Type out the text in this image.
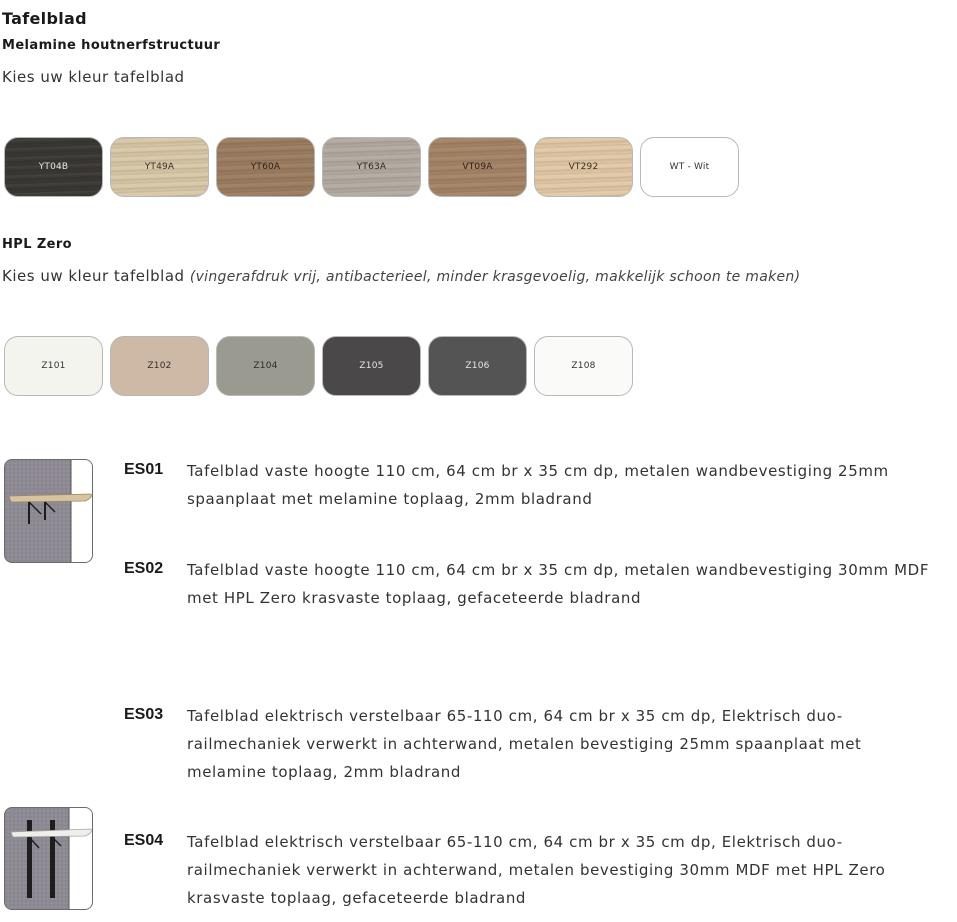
Tafelblad
Melamine houtnerfstructuur
Kies uw kleur tafelblad
YT04B	YT49A	YT60A	YT63A	VT09A	VT292	WT - Wit
HPL Zero
Kies uw kleur tafelblad (vingerafdruk vrij, antibacterieel, minder krasgevoelig, makkelijk schoon te maken)
Z101	Z102	Z104	Z105	Z106	Z108
ES01 Tafelblad vaste hoogte 110 cm, 64 cm br x 35 cm dp, metalen wandbevestiging 25mm spaanplaat met melamine toplaag, 2mm bladrand
ES02 Tafelblad vaste hoogte 110 cm, 64 cm br x 35 cm dp, metalen wandbevestiging 30mm MDF met HPL Zero krasvaste toplaag, gefaceteerde bladrand
ES03 Tafelblad elektrisch verstelbaar 65-110 cm, 64 cm br x 35 cm dp, Elektrisch duo-railmechaniek verwerkt in achterwand, metalen bevestiging 25mm spaanplaat met melamine toplaag, 2mm bladrand
ES04 Tafelblad elektrisch verstelbaar 65-110 cm, 64 cm br x 35 cm dp, Elektrisch duo-railmechaniek verwerkt in achterwand, metalen bevestiging 30mm MDF met HPL Zero krasvaste toplaag, gefaceteerde bladrand
